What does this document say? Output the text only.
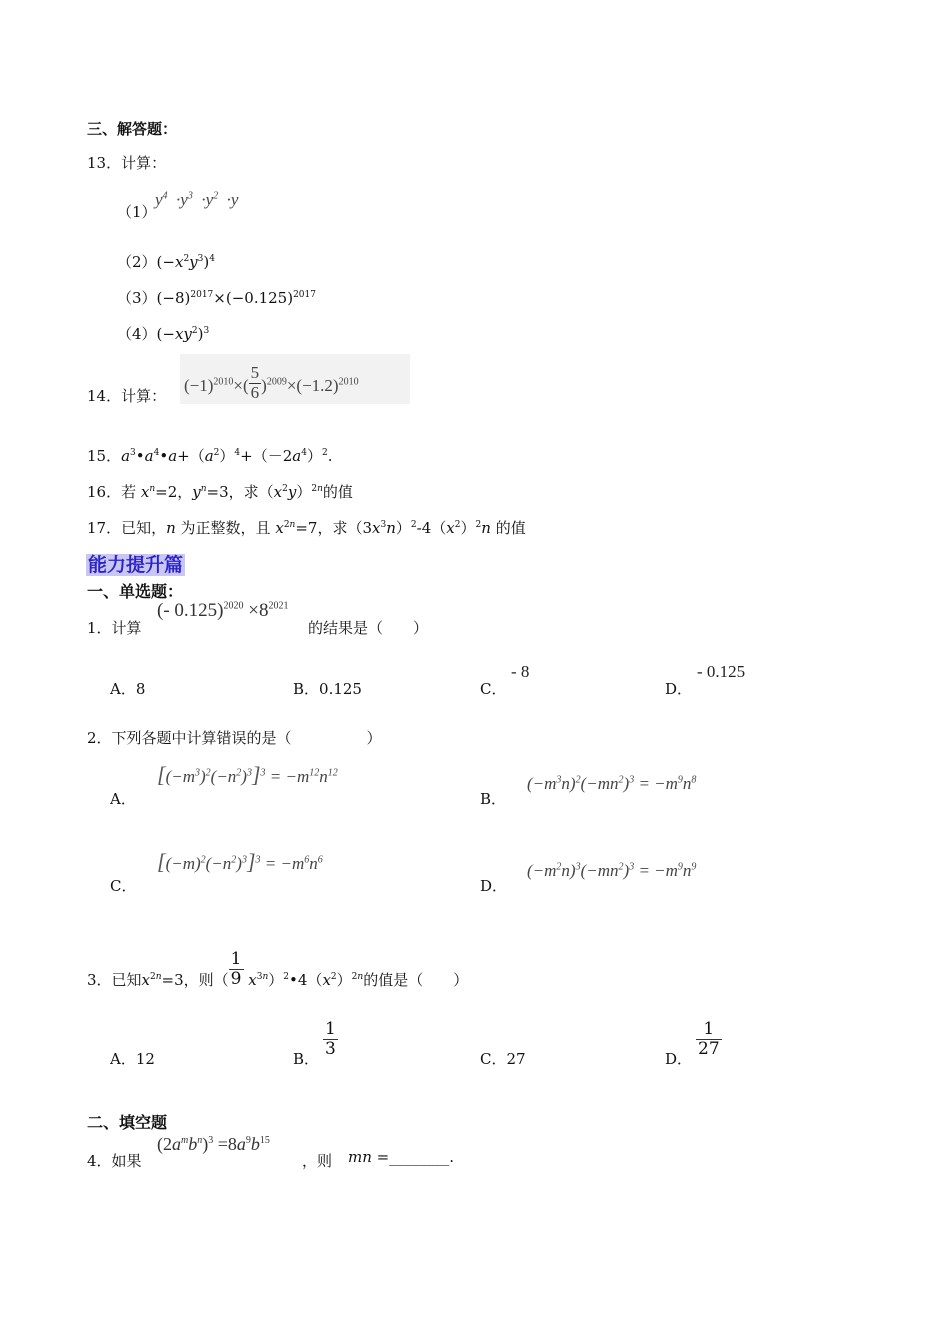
三、解答题：
13．计算：
（1）
$y^4 \cdot y^3 \cdot y^2 \cdot y$
$(2)(-x^2y^3)^4$
$(3)(-8)^{2017}\times(-0.125)^{2017}$
$(4)(-xy^2)^3$
14．计算：
$(-1)^{2010}\times( \frac{5}{6} )^{2009}\times(-1.2)^{2010}$
15．$a^3•a^4•a+(a^2)^4+(-2a^4)^2$.
16．若 $x^n=2$，$y^n=3$，求$(x^2y)^{2n}$的值
17．已知，n 为正整数，且 $x^{2n}=7$，求$(3x^3n)^2-4(x^2)^2n$ 的值
能力提升篇
一、单选题：
1．计算
(- $0.125)^{2020} \times 8^{2021}$
的结果是（　　）
A．8	B．0.125	C．
- 8
D．
- 0.125
2．下列各题中计算错误的是（　　　　　）
A．
$[(-m^3)^2(-n^2)^3]^3 = -m^{12}n^{12}$
B．
$(-m^3n)^2(-mn^2)^3 = -m^9n^8$
C．
$[(-m)^2(-n^2)^3]^3 = -m^6n^6$
D．
$(-m^2n)^3(-mn^2)^3 = -m^9n^9$
3．已知$x^{2n}=3$，则（ $\frac{1}{9}$ $x^{3n})^2•4(x^2)^{2n}$的值是（　　）
A．12	B．
$\frac{1}{3}$
C．27	D．
$\frac{1}{27}$
二、填空题
4．如果
$(2a^mb^n)^3 =8a^9b^{15}$
，则 mn =________.
